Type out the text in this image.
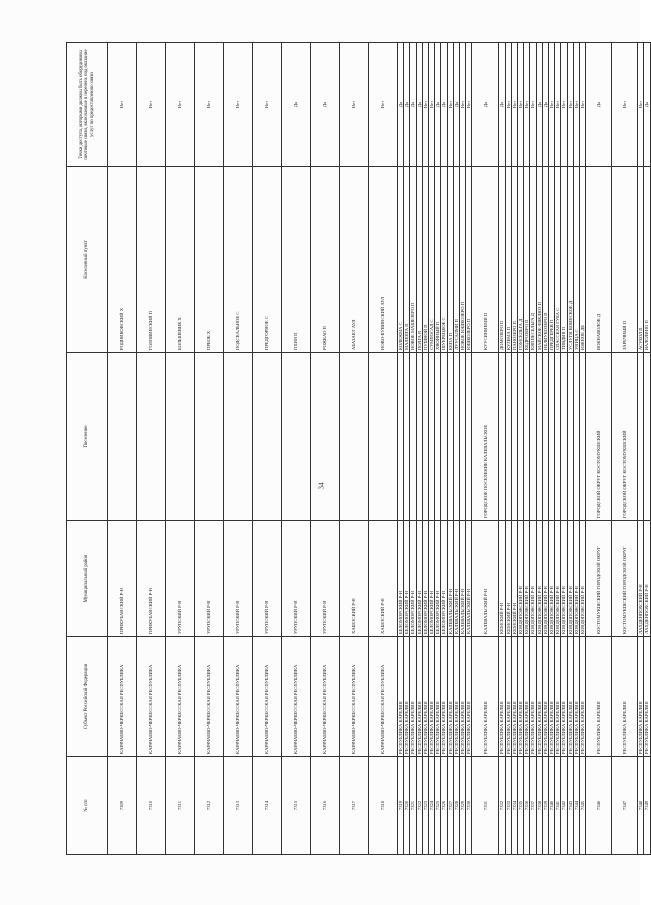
34
№ п/п	Субъект Российской Федерации	Муниципальный район	Поселение	Населенный пункт	Точки доступа, которыми должны быть оборудованы почтовые связи, включаемые в перечень под оказание услуг по предоставлению связи
7309	КАРАЧАЕВО-ЧЕРКЕССКАЯ РЕСПУБЛИКА	ПРИКУБАНСКИЙ Р-Н		РОДНИКОВСКИЙ Х	Нет
7310	КАРАЧАЕВО-ЧЕРКЕССКАЯ РЕСПУБЛИКА	ПРИКУБАНСКИЙ Р-Н		ГОЛОВИНСКИЙ П	Нет
7311	КАРАЧАЕВО-ЧЕРКЕССКАЯ РЕСПУБЛИКА	УРУПСКИЙ Р-Н		БОЛЬШЕВИК Х	Нет
7312	КАРАЧАЕВО-ЧЕРКЕССКАЯ РЕСПУБЛИКА	УРУПСКИЙ Р-Н		ПРЕОБ Х	Нет
7313	КАРАЧАЕВО-ЧЕРКЕССКАЯ РЕСПУБЛИКА	УРУПСКИЙ Р-Н		ПОДСКАЛЬНОЕ С	Нет
7314	КАРАЧАЕВО-ЧЕРКЕССКАЯ РЕСПУБЛИКА	УРУПСКИЙ Р-Н		ПРЕДГОРНОЕ С	Нет
7315	КАРАЧАЕВО-ЧЕРКЕССКАЯ РЕСПУБЛИКА	УРУПСКИЙ Р-Н		ПХИЯ П	Да
7316	КАРАЧАЕВО-ЧЕРКЕССКАЯ РЕСПУБЛИКА	УРУПСКИЙ Р-Н		РОЖКАО П	Да
7317	КАРАЧАЕВО-ЧЕРКЕССКАЯ РЕСПУБЛИКА	ХАБЕЗСКИЙ Р-Н		АБАЗАКТ АУЛ	Нет
7318	КАРАЧАЕВО-ЧЕРКЕССКАЯ РЕСПУБЛИКА	ХАБЕЗСКИЙ Р-Н		НОВО-КУВИНСКИЙ АУЛ	Нет
7319	РЕСПУБЛИКА КАРЕЛИЯ	БЕЛОМОРСКИЙ Р-Н		КОЛЕЖМА С	Да
7320	РЕСПУБЛИКА КАРЕЛИЯ	БЕЛОМОРСКИЙ Р-Н		МАЛЕНГА П	Да
7321	РЕСПУБЛИКА КАРЕЛИЯ	БЕЛОМОРСКИЙ Р-Н		НОВОЕ МАШЕЗЕРО П	Да
7322	РЕСПУБЛИКА КАРЕЛИЯ	БЕЛОМОРСКИЙ Р-Н		ПОЛГА П	Да
7323	РЕСПУБЛИКА КАРЕЛИЯ	БЕЛОМОРСКИЙ Р-Н		ПУШНОЙ П	Нет
7324	РЕСПУБЛИКА КАРЕЛИЯ	БЕЛОМОРСКИЙ Р-Н		СУМПОСАД С	Нет
7325	РЕСПУБЛИКА КАРЕЛИЯ	БЕЛОМОРСКИЙ Р-Н		ХВОЙНЫЙ П	Да
7326	РЕСПУБЛИКА КАРЕЛИЯ	БЕЛОМОРСКИЙ Р-Н		ШУЕРЕЦКОЕ С	Да
7327	РЕСПУБЛИКА КАРЕЛИЯ	КАЛЕВАЛЬСКИЙ Р-Н		КЕПА П	Нет
7328	РЕСПУБЛИКА КАРЕЛИЯ	КАЛЕВАЛЬСКИЙ Р-Н		ЛУУСАЛМИ П	Да
7329	РЕСПУБЛИКА КАРЕЛИЯ	КАЛЕВАЛЬСКИЙ Р-Н		НОВОЕ ЮШКОЗЕРО П	Нет
7330	РЕСПУБЛИКА КАРЕЛИЯ	КАЛЕВАЛЬСКИЙ Р-Н		ЮШКОЗЕРО П	Нет
7331	РЕСПУБЛИКА КАРЕЛИЯ	КАЛЕВАЛЬСКИЙ Р-Н	ГОРОДСКОЕ ПОСЕЛЕНИЕ КАЛЕВАЛЬСКОЕ	КУУСИНИЕМИ П	Да
7332	РЕСПУБЛИКА КАРЕЛИЯ	КЕМСКИЙ Р-Н		ДОМОЗЕРО П	Да
7333	РЕСПУБЛИКА КАРЕЛИЯ	КЕМСКИЙ Р-Н		КУЗЕМА П	Нет
7334	РЕСПУБЛИКА КАРЕЛИЯ	КЕМСКИЙ Р-Н		ПАНОЗЕРО П	Нет
7335	РЕСПУБЛИКА КАРЕЛИЯ	КОНДОПОЖСКИЙ Р-Н		ГОМСЕЛЬГА Д	Нет
7336	РЕСПУБЛИКА КАРЕЛИЯ	КОНДОПОЖСКИЙ Р-Н		КЕДРОЗЕРО П	Нет
7337	РЕСПУБЛИКА КАРЕЛИЯ	КОНДОПОЖСКИЙ Р-Н		КЯППЕСЕЛЬГА Д	Нет
7338	РЕСПУБЛИКА КАРЕЛИЯ	КОНДОПОЖСКИЙ Р-Н		МАЙСКОЕ-ЕВКЛЮЗ П	Да
7339	РЕСПУБЛИКА КАРЕЛИЯ	КОНДОПОЖСКИЙ Р-Н		НЕЛИУКОЗЕРО П	Да
7340	РЕСПУБЛИКА КАРЕЛИЯ	КОНДОПОЖСКИЙ Р-Н		ПРЕДГЕРЕВ П	Нет
7341	РЕСПУБЛИКА КАРЕЛИЯ	КОНДОПОЖСКИЙ Р-Н		СПАССКАЯ ГУБА С	Нет
7342	РЕСПУБЛИКА КАРЕЛИЯ	КОНДОПОЖСКИЙ Р-Н		ТИВДИЯ П	Нет
7343	РЕСПУБЛИКА КАРЕЛИЯ	КОНДОПОЖСКИЙ Р-Н		УСЛУГИ ВОИНСКОЕ Д	Нет
7344	РЕСПУБЛИКА КАРЕЛИЯ	КОНДОПОЖСКИЙ Р-Н		УНИЦА С	Нет
7345	РЕСПУБЛИКА КАРЕЛИЯ	КОНДОПОЖСКИЙ Р-Н		ЮЖНОЕ ДЕ	Нет
7346	РЕСПУБЛИКА КАРЕЛИЯ	КОСТОМУКШСКИЙ ГОРОДСКОЙ ОКРУГ	ГОРОДСКОЙ ОКРУГ КОСТОМУКШСКИЙ	ВОКНАВОЛОК Д	Да
7347	РЕСПУБЛИКА КАРЕЛИЯ	КОСТОМУКШСКИЙ ГОРОДСКОЙ ОКРУГ	ГОРОДСКОЙ ОКРУГ КОСТОМУКШСКИЙ	ЗАРЕЧНЫЙ П	Нет
7348	РЕСПУБЛИКА КАРЕЛИЯ	ЛАХДЕНПОХСКИЙ Р-Н		АСУБОЛ П	Нет
7349	РЕСПУБЛИКА КАРЕЛИЯ	ЛАХДЕНПОХСКИЙ Р-Н		ВАЛОЛИНО П	Да
